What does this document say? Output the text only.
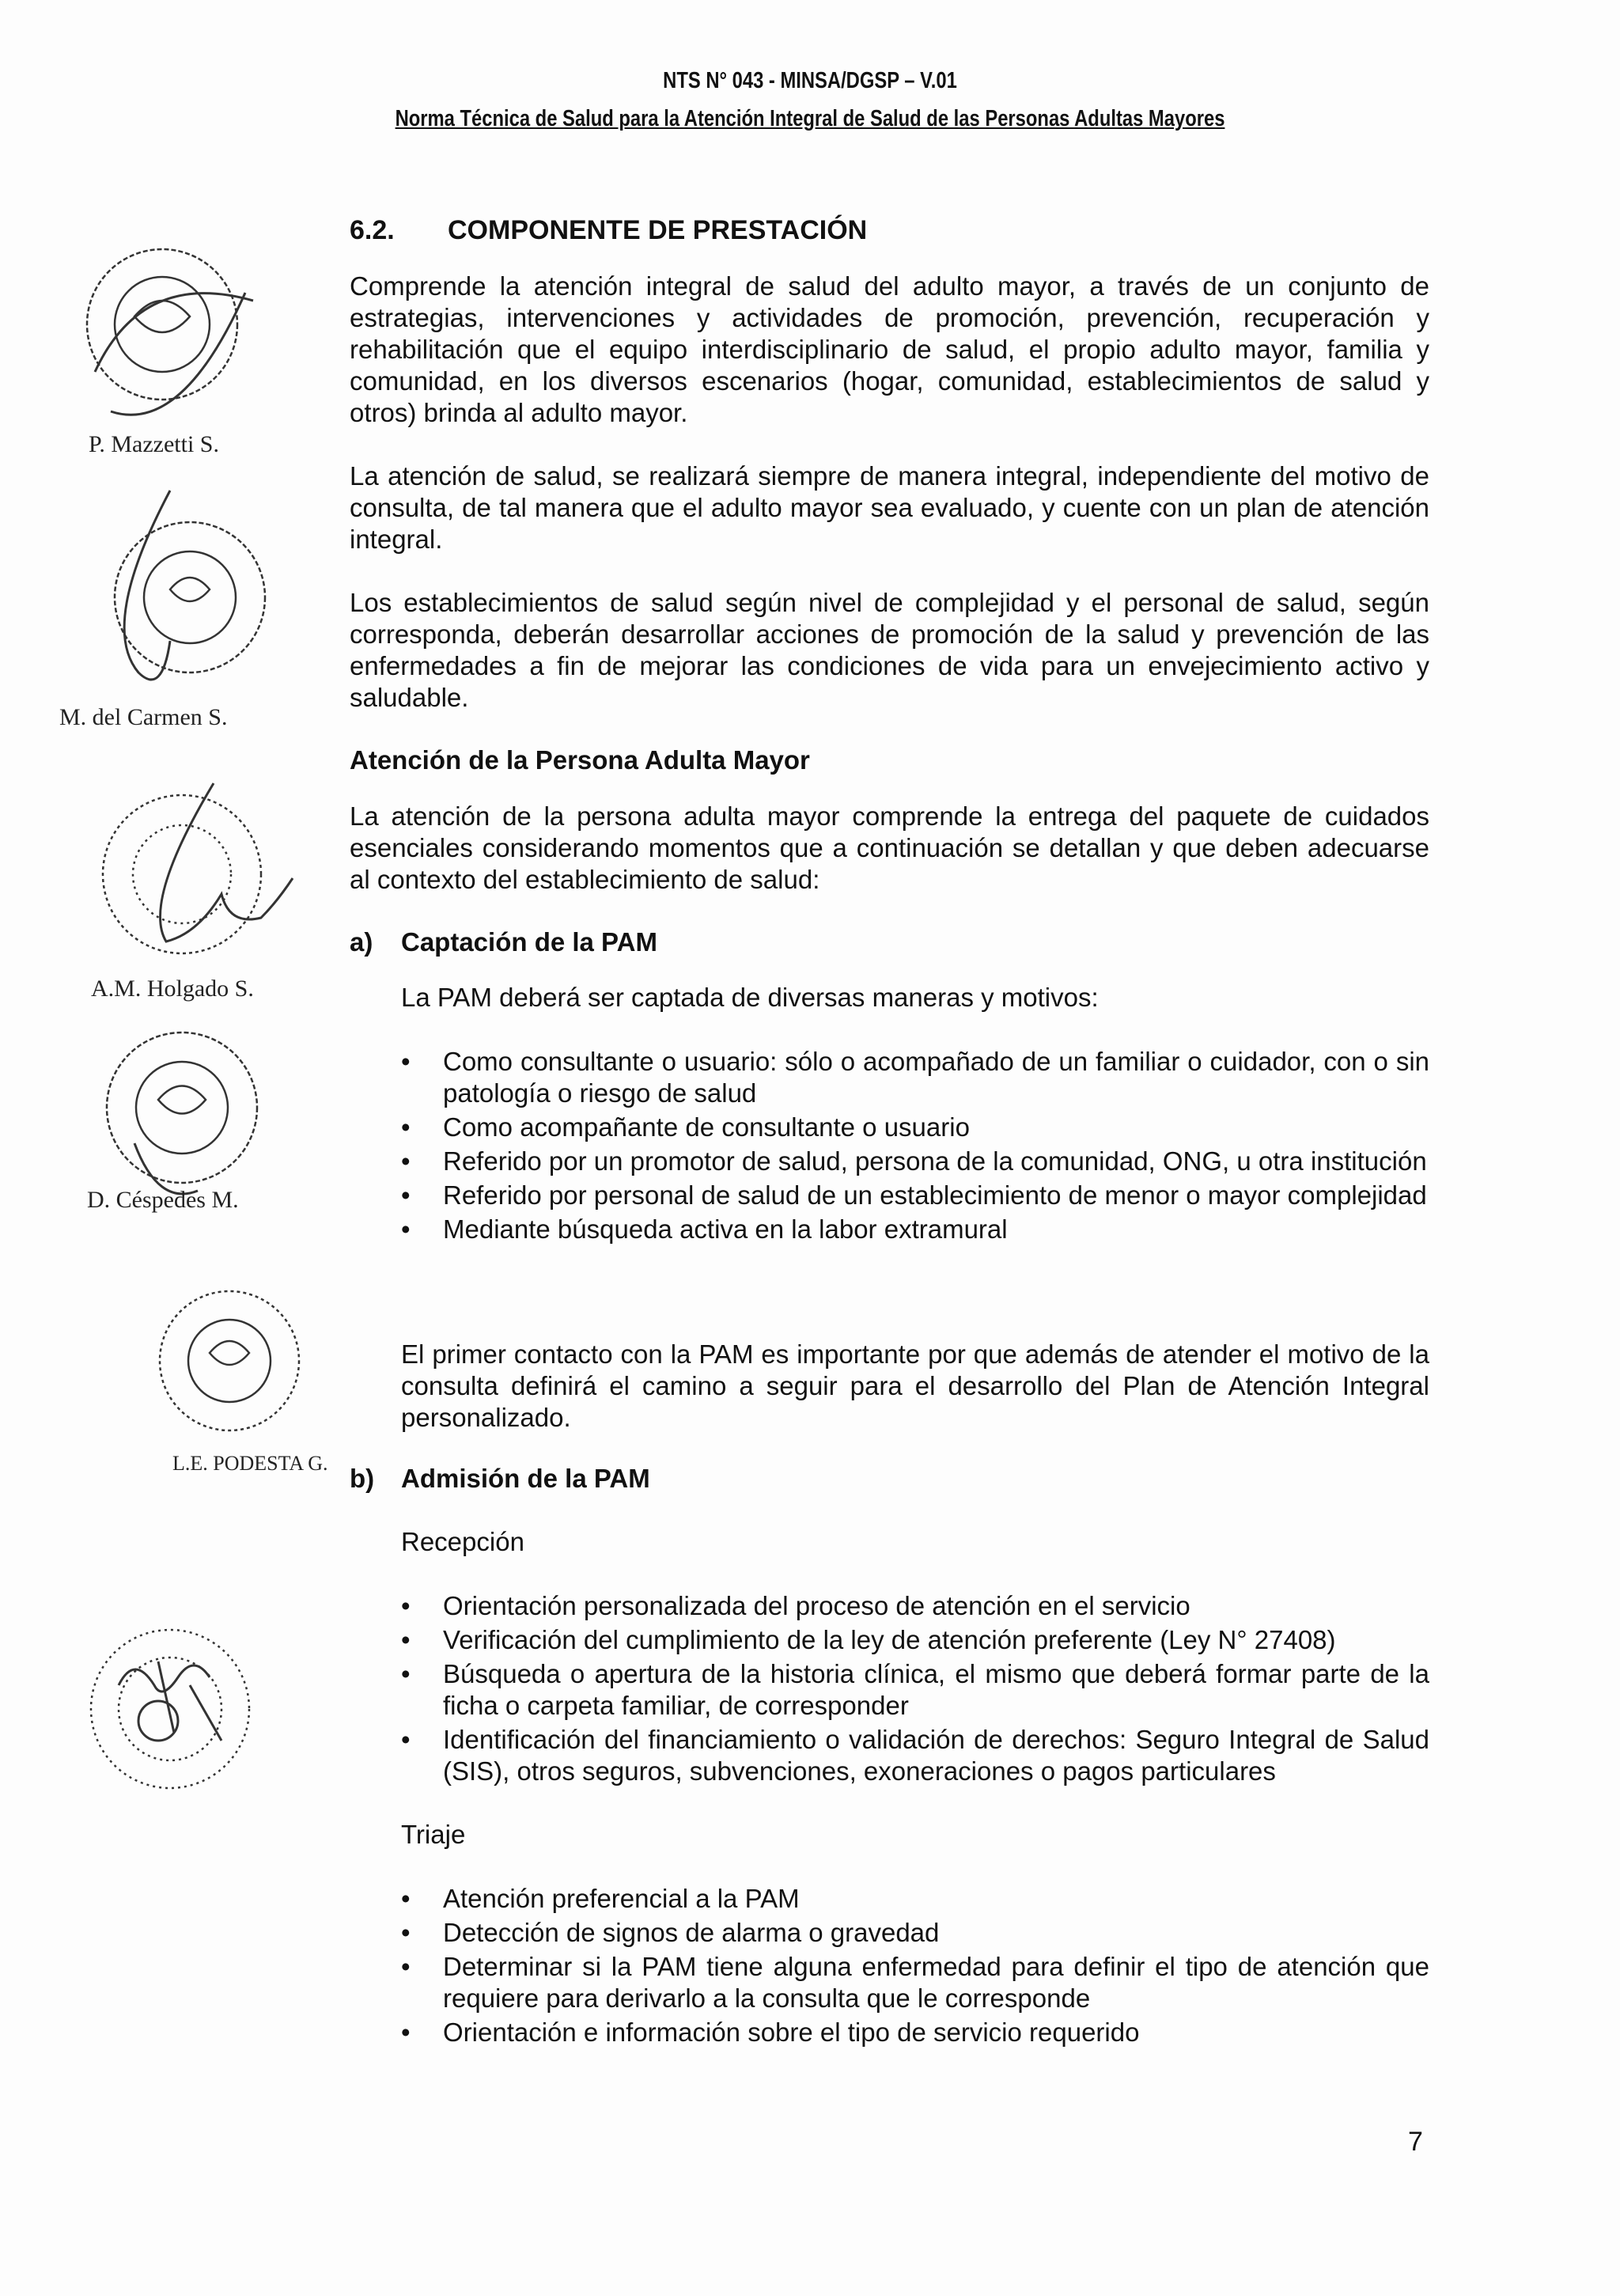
NTS N° 043 - MINSA/DGSP – V.01
Norma Técnica de Salud para la Atención Integral de Salud de las Personas Adultas Mayores
P. Mazzetti S.
M. del Carmen S.
A.M. Holgado S.
D. Céspedes M.
L.E. PODESTA G.
6.2. COMPONENTE DE PRESTACIÓN
Comprende la atención integral de salud del adulto mayor, a través de un conjunto de estrategias, intervenciones y actividades de promoción, prevención, recuperación y rehabilitación que el equipo interdisciplinario de salud, el propio adulto mayor, familia y comunidad, en los diversos escenarios (hogar, comunidad, establecimientos de salud y otros) brinda al adulto mayor.
La atención de salud, se realizará siempre de manera integral, independiente del motivo de consulta, de tal manera que el adulto mayor sea evaluado, y cuente con un plan de atención integral.
Los establecimientos de salud según nivel de complejidad y el personal de salud, según corresponda, deberán desarrollar acciones de promoción de la salud y prevención de las enfermedades a fin de mejorar las condiciones de vida para un envejecimiento activo y saludable.
Atención de la Persona Adulta Mayor
La atención de la persona adulta mayor comprende la entrega del paquete de cuidados esenciales considerando momentos que a continuación se detallan y que deben adecuarse al contexto del establecimiento de salud:
a) Captación de la PAM
La PAM deberá ser captada de diversas maneras y motivos:
• Como consultante o usuario: sólo o acompañado de un familiar o cuidador, con o sin patología o riesgo de salud
• Como acompañante de consultante o usuario
• Referido por un promotor de salud, persona de la comunidad, ONG, u otra institución
• Referido por personal de salud de un establecimiento de menor o mayor complejidad
• Mediante búsqueda activa en la labor extramural
El primer contacto con la PAM es importante por que además de atender el motivo de la consulta definirá el camino a seguir para el desarrollo del Plan de Atención Integral personalizado.
b) Admisión de la PAM
Recepción
• Orientación personalizada del proceso de atención en el servicio
• Verificación del cumplimiento de la ley de atención preferente (Ley N° 27408)
• Búsqueda o apertura de la historia clínica, el mismo que deberá formar parte de la ficha o carpeta familiar, de corresponder
• Identificación del financiamiento o validación de derechos: Seguro Integral de Salud (SIS), otros seguros, subvenciones, exoneraciones o pagos particulares
Triaje
• Atención preferencial a la PAM
• Detección de signos de alarma o gravedad
• Determinar si la PAM tiene alguna enfermedad para definir el tipo de atención que requiere para derivarlo a la consulta que le corresponde
• Orientación e información sobre el tipo de servicio requerido
7
